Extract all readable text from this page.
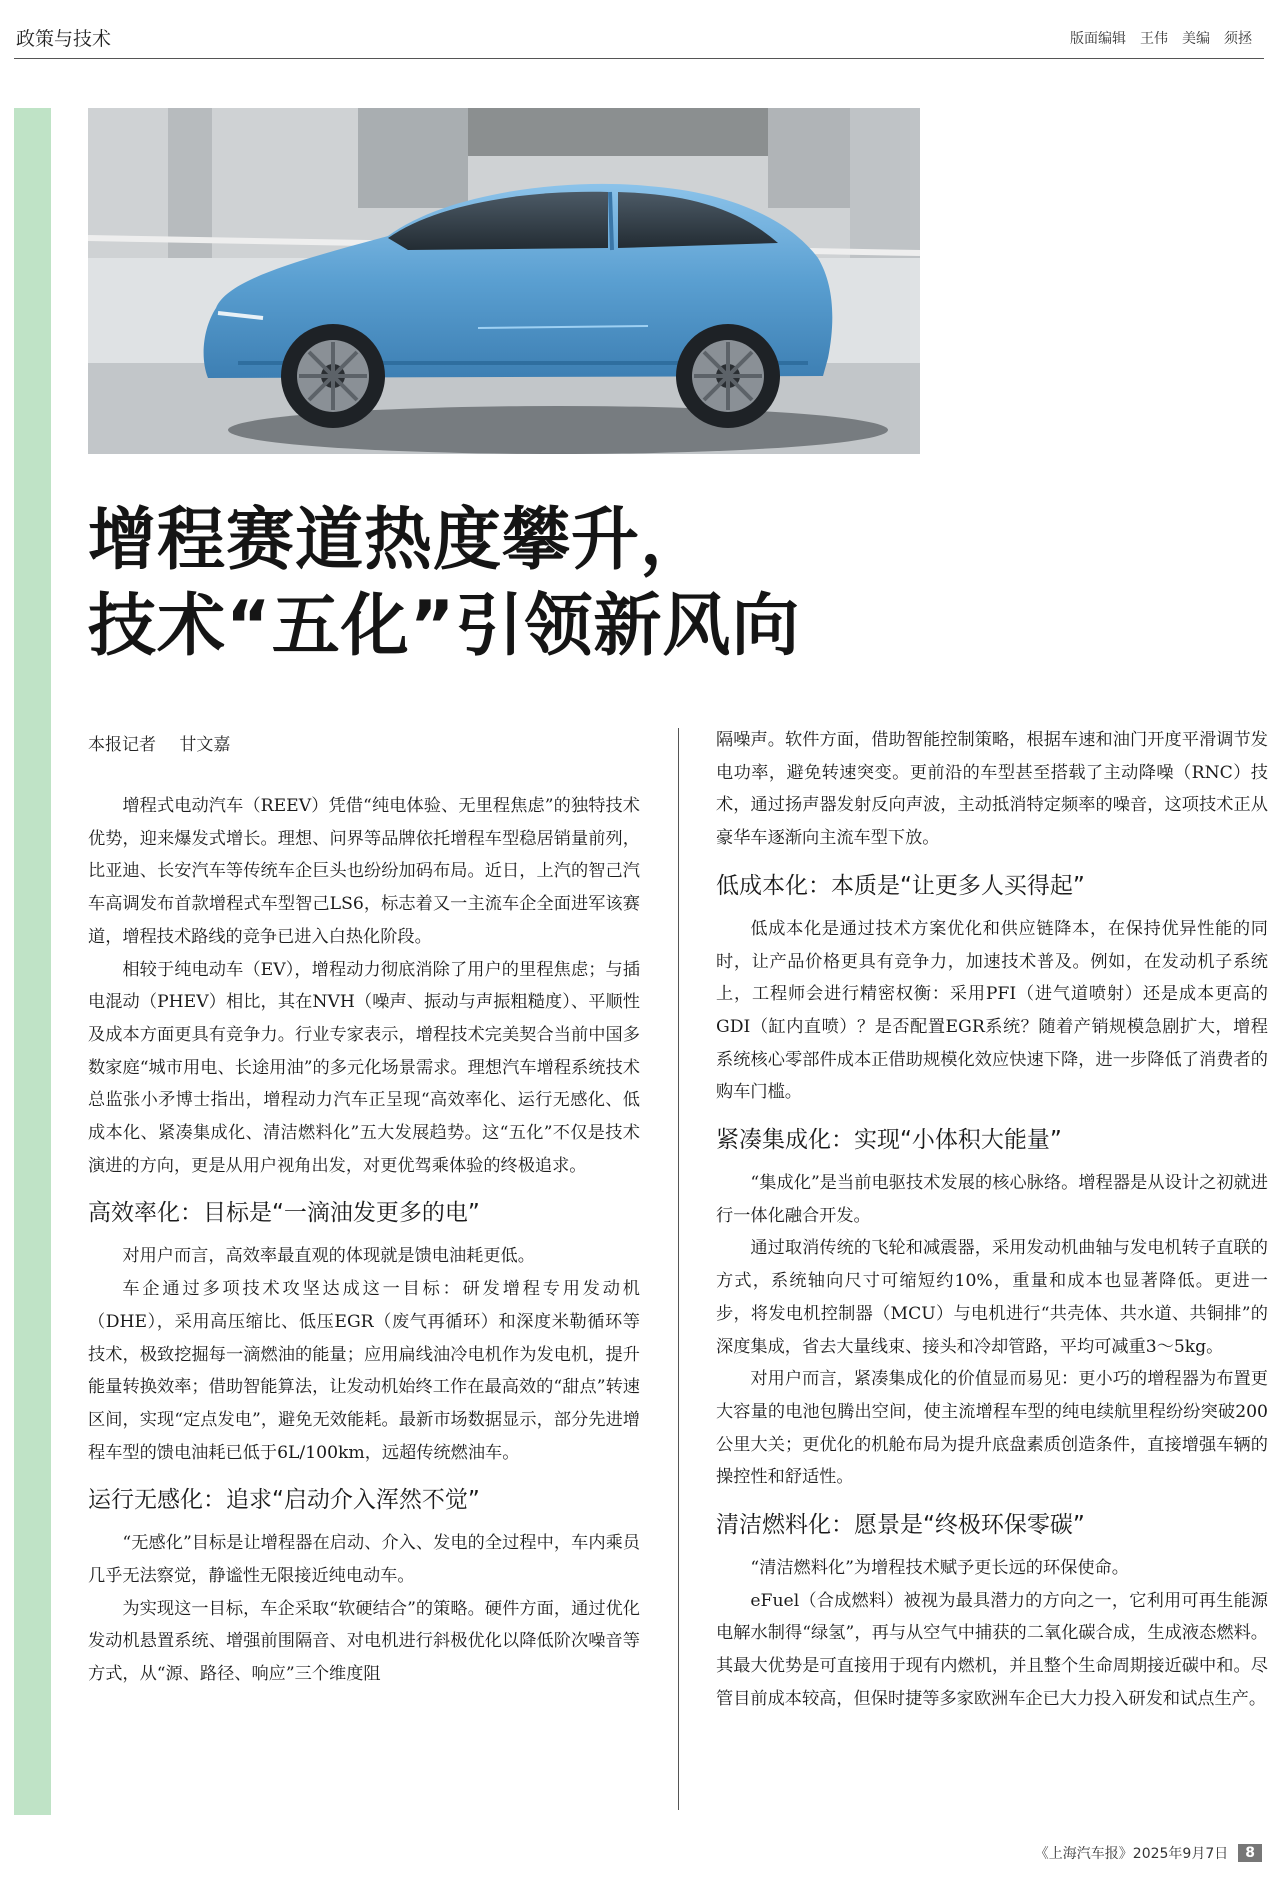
政策与技术	版面编辑 王伟 美编 须拯
增程赛道热度攀升，
技术“五化”引领新风向
本报记者 甘文嘉

增程式电动汽车（REEV）凭借“纯电体验、无里程焦虑”的独特技术优势，迎来爆发式增长。理想、问界等品牌依托增程车型稳居销量前列，比亚迪、长安汽车等传统车企巨头也纷纷加码布局。近日，上汽的智己汽车高调发布首款增程式车型智己LS6，标志着又一主流车企全面进军该赛道，增程技术路线的竞争已进入白热化阶段。

相较于纯电动车（EV），增程动力彻底消除了用户的里程焦虑；与插电混动（PHEV）相比，其在NVH（噪声、振动与声振粗糙度）、平顺性及成本方面更具有竞争力。行业专家表示，增程技术完美契合当前中国多数家庭“城市用电、长途用油”的多元化场景需求。理想汽车增程系统技术总监张小矛博士指出，增程动力汽车正呈现“高效率化、运行无感化、低成本化、紧凑集成化、清洁燃料化”五大发展趋势。这“五化”不仅是技术演进的方向，更是从用户视角出发，对更优驾乘体验的终极追求。

高效率化：目标是“一滴油发更多的电”

对用户而言，高效率最直观的体现就是馈电油耗更低。

车企通过多项技术攻坚达成这一目标：研发增程专用发动机（DHE），采用高压缩比、低压EGR（废气再循环）和深度米勒循环等技术，极致挖掘每一滴燃油的能量；应用扁线油冷电机作为发电机，提升能量转换效率；借助智能算法，让发动机始终工作在最高效的“甜点”转速区间，实现“定点发电”，避免无效能耗。最新市场数据显示，部分先进增程车型的馈电油耗已低于6L/100km，远超传统燃油车。

运行无感化：追求“启动介入浑然不觉”

“无感化”目标是让增程器在启动、介入、发电的全过程中，车内乘员几乎无法察觉，静谧性无限接近纯电动车。

为实现这一目标，车企采取“软硬结合”的策略。硬件方面，通过优化发动机悬置系统、增强前围隔音、对电机进行斜极优化以降低阶次噪音等方式，从“源、路径、响应”三个维度阻

隔噪声。软件方面，借助智能控制策略，根据车速和油门开度平滑调节发电功率，避免转速突变。更前沿的车型甚至搭载了主动降噪（RNC）技术，通过扬声器发射反向声波，主动抵消特定频率的噪音，这项技术正从豪华车逐渐向主流车型下放。

低成本化：本质是“让更多人买得起”

低成本化是通过技术方案优化和供应链降本，在保持优异性能的同时，让产品价格更具有竞争力，加速技术普及。例如，在发动机子系统上，工程师会进行精密权衡：采用PFI（进气道喷射）还是成本更高的GDI（缸内直喷）？是否配置EGR系统？随着产销规模急剧扩大，增程系统核心零部件成本正借助规模化效应快速下降，进一步降低了消费者的购车门槛。

紧凑集成化：实现“小体积大能量”

“集成化”是当前电驱技术发展的核心脉络。增程器是从设计之初就进行一体化融合开发。

通过取消传统的飞轮和减震器，采用发动机曲轴与发电机转子直联的方式，系统轴向尺寸可缩短约10%，重量和成本也显著降低。更进一步，将发电机控制器（MCU）与电机进行“共壳体、共水道、共铜排”的深度集成，省去大量线束、接头和冷却管路，平均可减重3～5kg。

对用户而言，紧凑集成化的价值显而易见：更小巧的增程器为布置更大容量的电池包腾出空间，使主流增程车型的纯电续航里程纷纷突破200公里大关；更优化的机舱布局为提升底盘素质创造条件，直接增强车辆的操控性和舒适性。

清洁燃料化：愿景是“终极环保零碳”

“清洁燃料化”为增程技术赋予更长远的环保使命。

eFuel（合成燃料）被视为最具潜力的方向之一，它利用可再生能源电解水制得“绿氢”，再与从空气中捕获的二氧化碳合成，生成液态燃料。其最大优势是可直接用于现有内燃机，并且整个生命周期接近碳中和。尽管目前成本较高，但保时捷等多家欧洲车企已大力投入研发和试点生产。

《上海汽车报》2025年9月7日	8
